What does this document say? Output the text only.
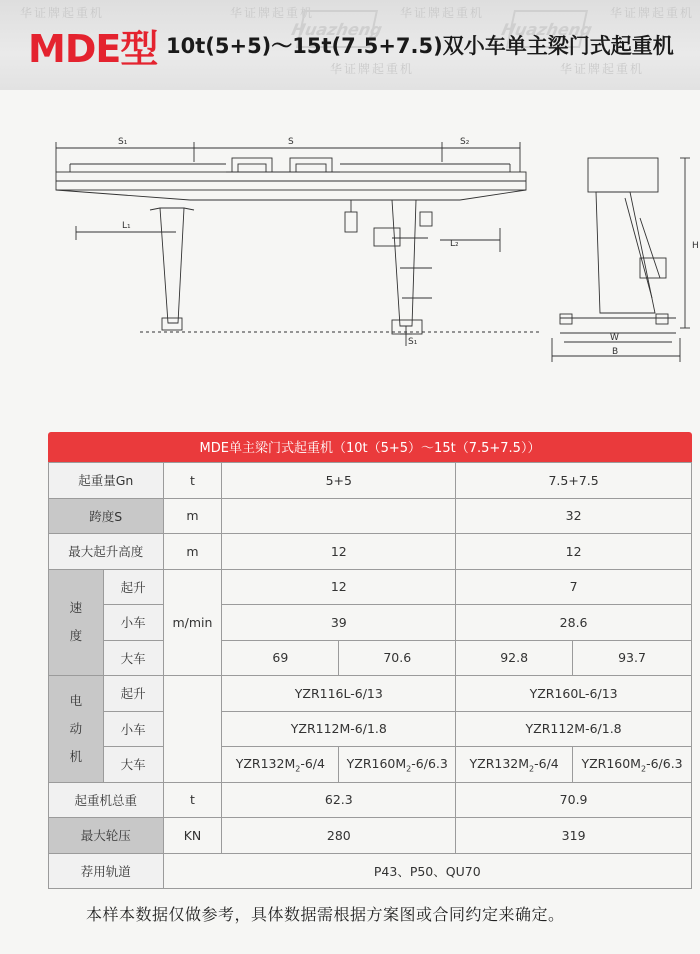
华证牌起重机	华证牌起重机	华证牌起重机	华证牌起重机
华证牌起重机	华证牌起重机
Huazheng	Huazheng
MDE型 10t(5+5)～15t(7.5+7.5)双小车单主梁门式起重机
S₁	S	S₂
L₁
L₂
S₁
H
W
B
MDE单主梁门式起重机（10t（5+5）～15t（7.5+7.5））
起重量Gn		t	5+5		7.5+7.5	
跨度S		m			32	
最大起升高度		m	12		12	
速
度	起升	m/min	12		7	
	小车		39		28.6	
	大车		69	70.6	92.8	93.7
电
动
机	起升		YZR116L-6/13		YZR160L-6/13	
	小车		YZR112M-6/1.8		YZR112M-6/1.8	
	大车		$YZR132M_2-6/4$	$YZR160M_2-6/6.3$	$YZR132M_2-6/4$	$YZR160M_2-6/6.3$
起重机总重		t	62.3		70.9	
最大轮压		KN	280		319	
荐用轨道		P43、P50、QU70				
本样本数据仅做参考，具体数据需根据方案图或合同约定来确定。
